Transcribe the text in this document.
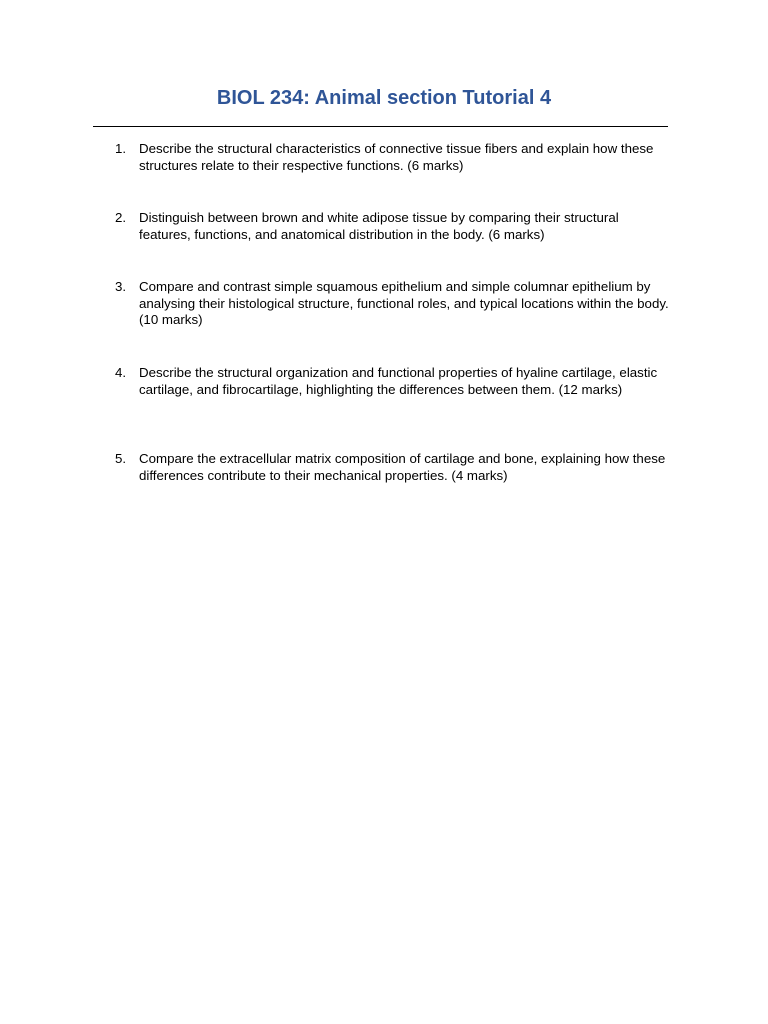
BIOL 234: Animal section Tutorial 4
1. Describe the structural characteristics of connective tissue fibers and explain how these structures relate to their respective functions. (6 marks)
2. Distinguish between brown and white adipose tissue by comparing their structural features, functions, and anatomical distribution in the body. (6 marks)
3. Compare and contrast simple squamous epithelium and simple columnar epithelium by analysing their histological structure, functional roles, and typical locations within the body. (10 marks)
4. Describe the structural organization and functional properties of hyaline cartilage, elastic cartilage, and fibrocartilage, highlighting the differences between them. (12 marks)
5. Compare the extracellular matrix composition of cartilage and bone, explaining how these differences contribute to their mechanical properties. (4 marks)
